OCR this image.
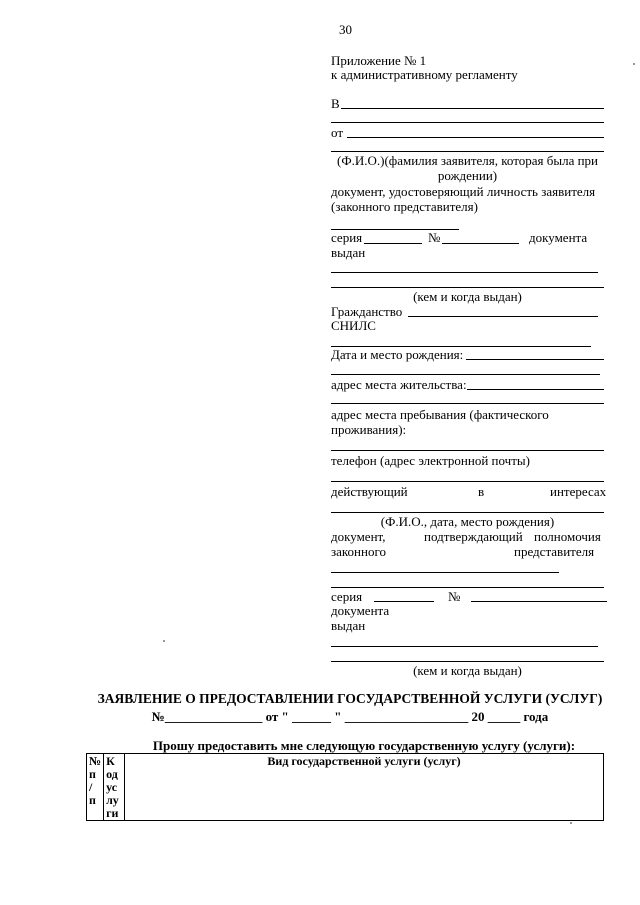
30
Приложение № 1
к административному регламенту
В
от
(Ф.И.О.)(фамилия заявителя, которая была при
рождении)
документ, удостоверяющий личность заявителя
(законного представителя)
серия	№	документа
выдан
(кем и когда выдан)
Гражданство
СНИЛС
Дата и место рождения:
адрес места жительства:
адрес места пребывания (фактического
проживания):
телефон (адрес электронной почты)
действующий	в	интересах
(Ф.И.О., дата, место рождения)
документ,	подтверждающий полномочия
законного	представителя
серия	№
документа
выдан
(кем и когда выдан)
ЗАЯВЛЕНИЕ О ПРЕДОСТАВЛЕНИИ ГОСУДАРСТВЕННОЙ УСЛУГИ (УСЛУГ)
№_______________ от " ______ " ___________________ 20 _____ года
Прошу предоставить мне следующую государственную услугу (услуги):
№
п
/
п

К
од
ус
лу
ги

Вид государственной услуги (услуг)
